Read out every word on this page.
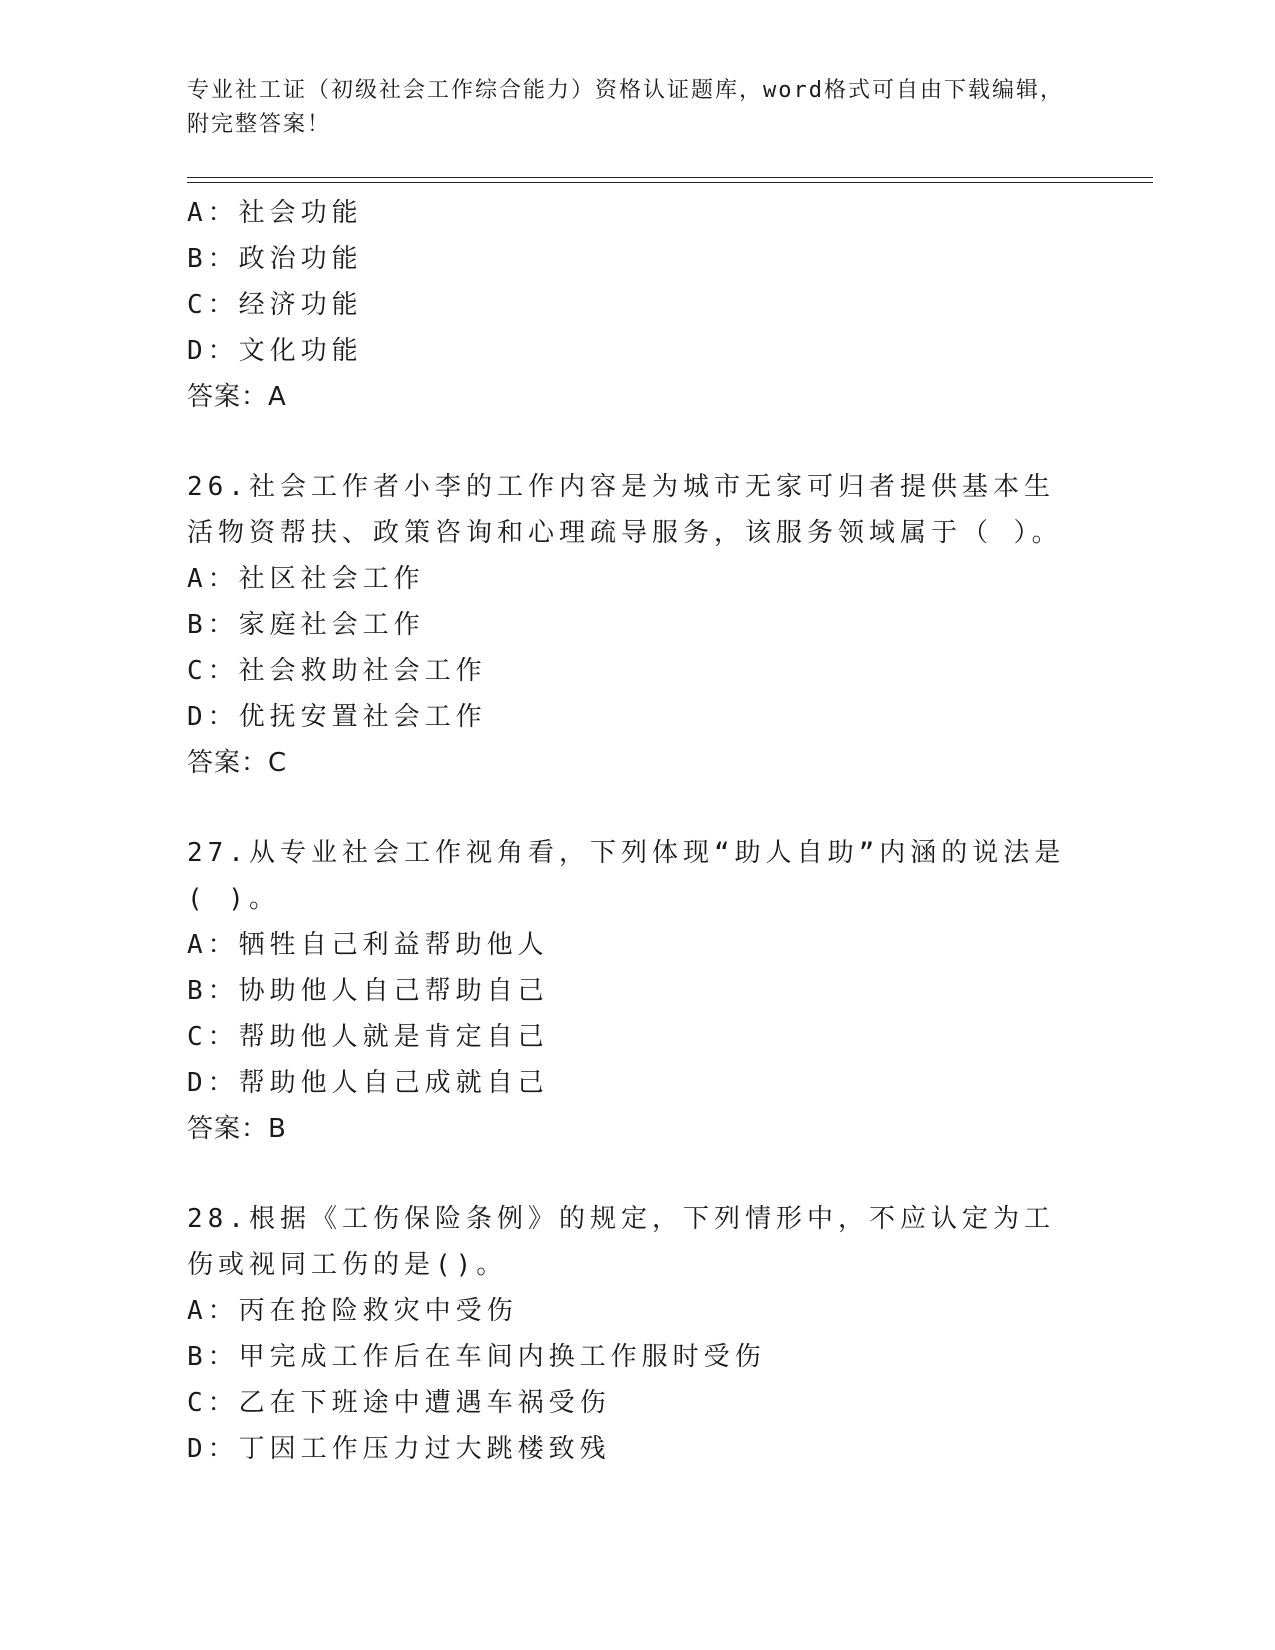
专业社工证（初级社会工作综合能力）资格认证题库，word格式可自由下载编辑，附完整答案！
A：社会功能
B：政治功能
C：经济功能
D：文化功能
答案：A
26.社会工作者小李的工作内容是为城市无家可归者提供基本生活物资帮扶、政策咨询和心理疏导服务，该服务领域属于（ ）。
A：社区社会工作
B：家庭社会工作
C：社会救助社会工作
D：优抚安置社会工作
答案：C
27.从专业社会工作视角看，下列体现“助人自助”内涵的说法是( )。
A：牺牲自己利益帮助他人
B：协助他人自己帮助自己
C：帮助他人就是肯定自己
D：帮助他人自己成就自己
答案：B
28.根据《工伤保险条例》的规定，下列情形中，不应认定为工伤或视同工伤的是()。
A：丙在抢险救灾中受伤
B：甲完成工作后在车间内换工作服时受伤
C：乙在下班途中遭遇车祸受伤
D：丁因工作压力过大跳楼致残
